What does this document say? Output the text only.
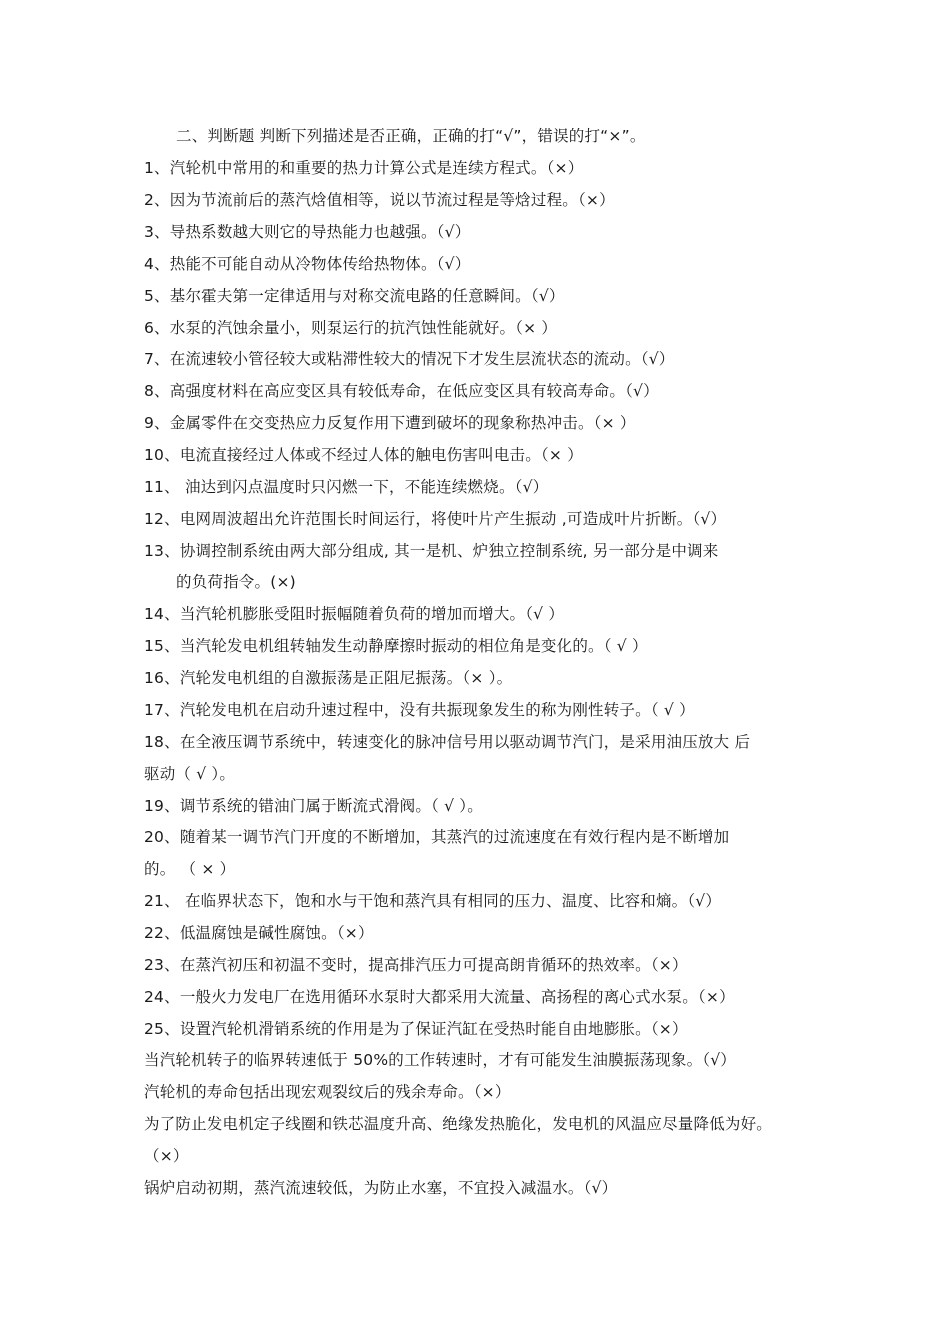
二、判断题 判断下列描述是否正确，正确的打“√”，错误的打“×”。
1、汽轮机中常用的和重要的热力计算公式是连续方程式。（×）
2、因为节流前后的蒸汽焓值相等，说以节流过程是等焓过程。（×）
3、导热系数越大则它的导热能力也越强。（√）
4、热能不可能自动从冷物体传给热物体。（√）
5、基尔霍夫第一定律适用与对称交流电路的任意瞬间。（√）
6、水泵的汽蚀余量小，则泵运行的抗汽蚀性能就好。（× ）
7、在流速较小管径较大或粘滞性较大的情况下才发生层流状态的流动。（√）
8、高强度材料在高应变区具有较低寿命，在低应变区具有较高寿命。（√）
9、金属零件在交变热应力反复作用下遭到破坏的现象称热冲击。（× ）
10、电流直接经过人体或不经过人体的触电伤害叫电击。（× ）
11、 油达到闪点温度时只闪燃一下，不能连续燃烧。（√）
12、电网周波超出允许范围长时间运行，将使叶片产生振动 ,可造成叶片折断。（√）
13、协调控制系统由两大部分组成, 其一是机、炉独立控制系统, 另一部分是中调来
的负荷指令。(×)
14、当汽轮机膨胀受阻时振幅随着负荷的增加而增大。（√ ）
15、当汽轮发电机组转轴发生动静摩擦时振动的相位角是变化的。（ √ ）
16、汽轮发电机组的自激振荡是正阻尼振荡。（× ）。
17、汽轮发电机在启动升速过程中，没有共振现象发生的称为刚性转子。（ √ ）
18、在全液压调节系统中，转速变化的脉冲信号用以驱动调节汽门，是采用油压放大 后
驱动（ √ ）。
19、调节系统的错油门属于断流式滑阀。（ √ ）。
20、随着某一调节汽门开度的不断增加，其蒸汽的过流速度在有效行程内是不断增加
的。 （ × ）
21、 在临界状态下，饱和水与干饱和蒸汽具有相同的压力、温度、比容和熵。（√）
22、低温腐蚀是碱性腐蚀。（×）
23、在蒸汽初压和初温不变时，提高排汽压力可提高朗肯循环的热效率。（×）
24、一般火力发电厂在选用循环水泵时大都采用大流量、高扬程的离心式水泵。（×）
25、设置汽轮机滑销系统的作用是为了保证汽缸在受热时能自由地膨胀。（×）
当汽轮机转子的临界转速低于 50%的工作转速时，才有可能发生油膜振荡现象。（√）
汽轮机的寿命包括出现宏观裂纹后的残余寿命。（×）
为了防止发电机定子线圈和铁芯温度升高、绝缘发热脆化，发电机的风温应尽量降低为好。
（×）
锅炉启动初期，蒸汽流速较低，为防止水塞，不宜投入减温水。（√）
